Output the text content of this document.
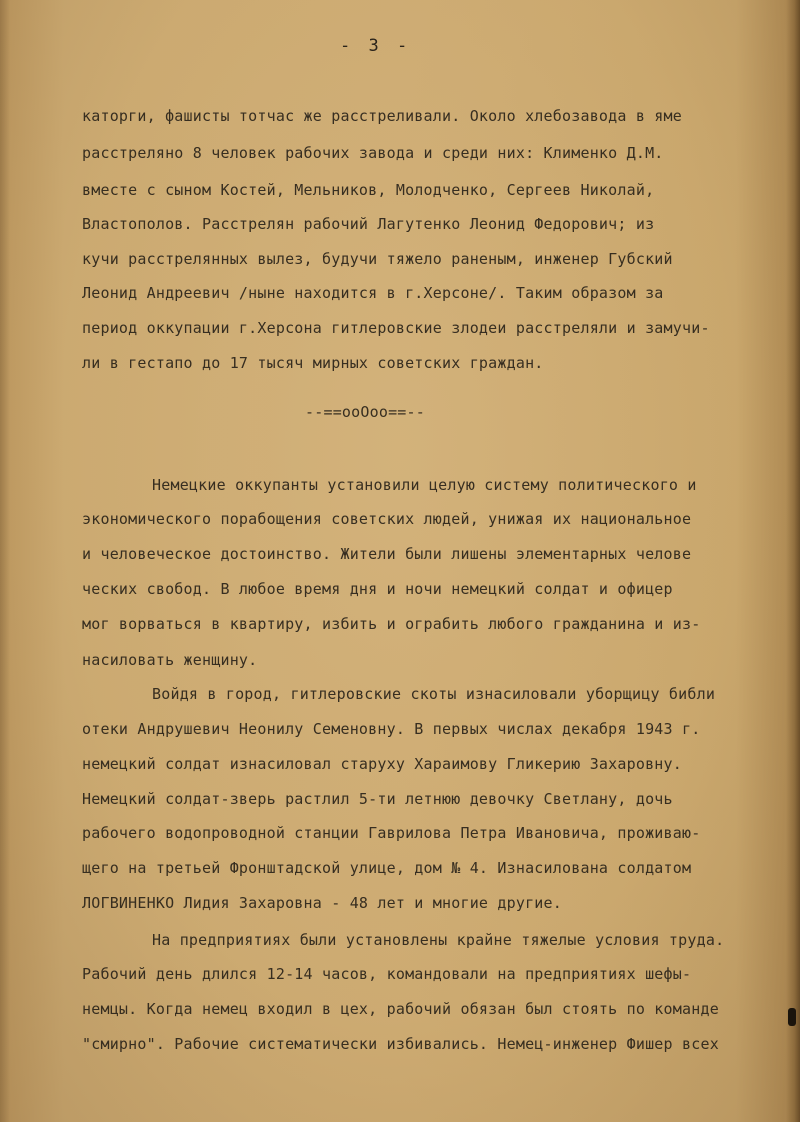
- 3 -
каторги, фашисты тотчас же расстреливали. Около хлебозавода в яме
расстреляно 8 человек рабочих завода и среди них: Клименко Д.М.
вместе с сыном Костей, Мельников, Молодченко, Сергеев Николай,
Властополов. Расстрелян рабочий Лагутенко Леонид Федорович; из
кучи расстрелянных вылез, будучи тяжело раненым, инженер Губский
Леонид Андреевич /ныне находится в г.Херсоне/. Таким образом за
период оккупации г.Херсона гитлеровские злодеи расстреляли и замучи-
ли в гестапо до 17 тысяч мирных советских граждан.
--==ooOoo==--
Немецкие оккупанты установили целую систему политического и
экономического порабощения советских людей, унижая их национальное
и человеческое достоинство. Жители были лишены элементарных челове
ческих свобод. В любое время дня и ночи немецкий солдат и офицер
мог ворваться в квартиру, избить и ограбить любого гражданина и из-
насиловать женщину.
Войдя в город, гитлеровские скоты изнасиловали уборщицу библи
отеки Андрушевич Неонилу Семеновну. В первых числах декабря 1943 г.
немецкий солдат изнасиловал старуху Хараимову Гликерию Захаровну.
Немецкий солдат-зверь растлил 5-ти летнюю девочку Светлану, дочь
рабочего водопроводной станции Гаврилова Петра Ивановича, проживаю-
щего на третьей Фронштадской улице, дом № 4. Изнасилована солдатом
ЛОГВИНЕНКО Лидия Захаровна - 48 лет и многие другие.
На предприятиях были установлены крайне тяжелые условия труда.
Рабочий день длился 12-14 часов, командовали на предприятиях шефы-
немцы. Когда немец входил в цех, рабочий обязан был стоять по команде
"смирно". Рабочие систематически избивались. Немец-инженер Фишер всех
